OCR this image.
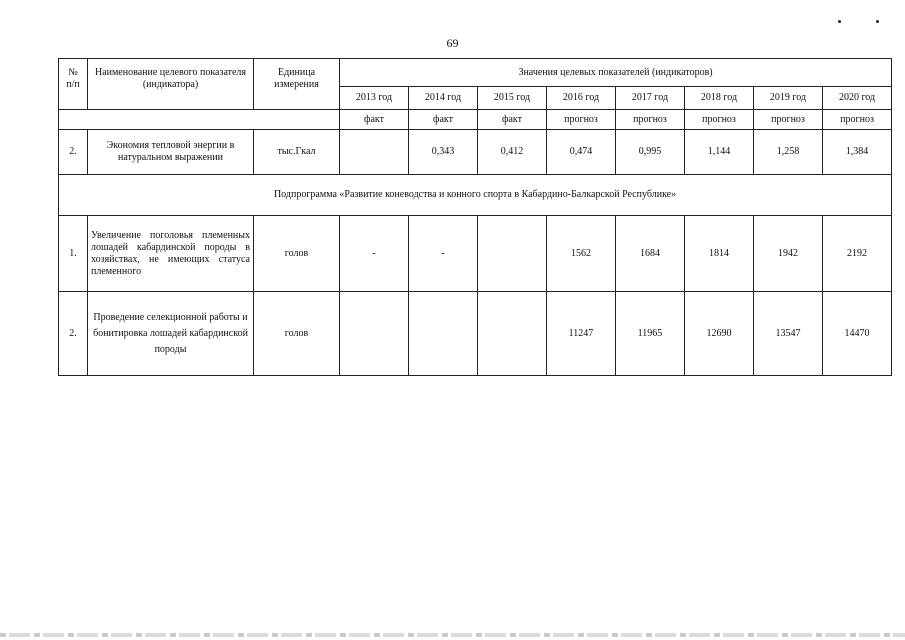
69
№
п/п	Наименование целевого показателя (индикатора)	Единица измерения	Значения целевых показателей (индикаторов)							
			2013 год	2014 год	2015 год	2016 год	2017 год	2018 год	2019 год	2020 год
			факт	факт	факт	прогноз	прогноз	прогноз	прогноз	прогноз
2.	Экономия тепловой энергии в натуральном выражении	тыс.Гкал		0,343	0,412	0,474	0,995	1,144	1,258	1,384
Подпрограмма «Развитие коневодства и конного спорта в Кабардино-Балкарской Республике»										
1.	Увеличение поголовья племенных лошадей кабардинской породы в хозяйствах, не имеющих статуса племенного	голов	-	-		1562	1684	1814	1942	2192
2.	Проведение селекционной работы и бонитировка лошадей кабардинской породы	голов				11247	11965	12690	13547	14470
